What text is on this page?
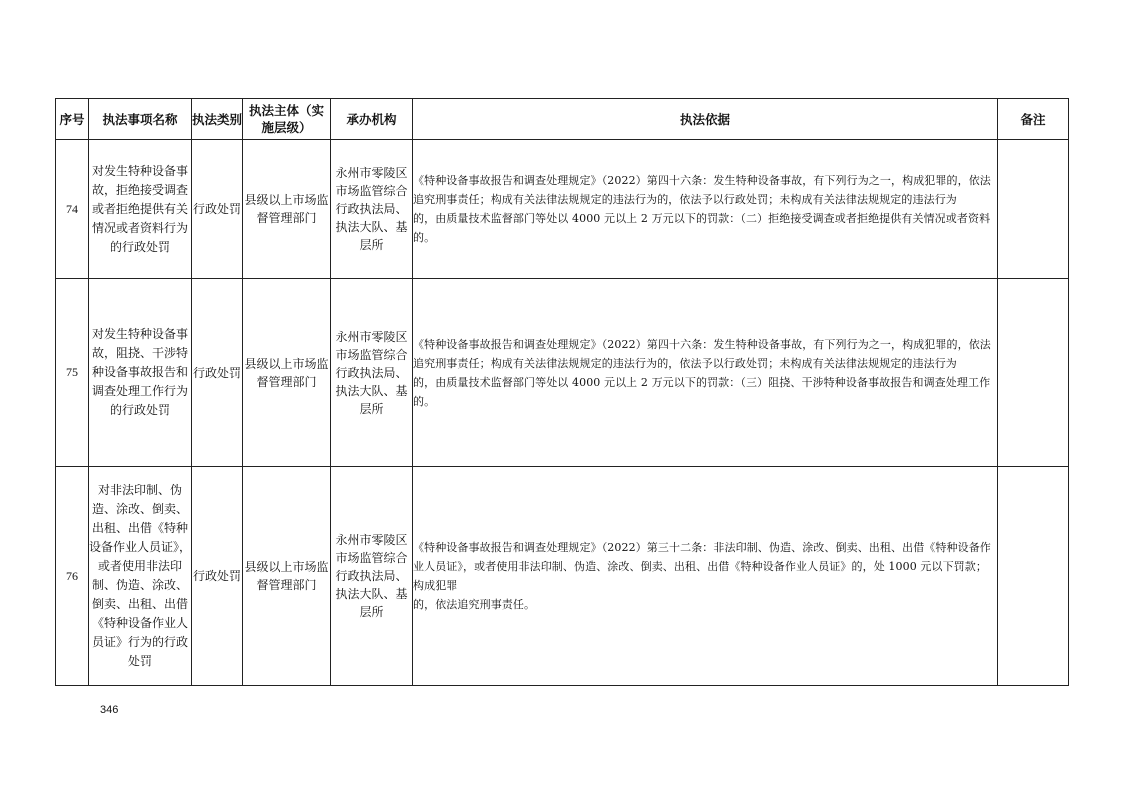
序号	执法事项名称	执法类别	执法主体（实施层级）	承办机构	执法依据	备注
74	对发生特种设备事故，拒绝接受调查或者拒绝提供有关情况或者资料行为的行政处罚	行政处罚	县级以上市场监督管理部门	永州市零陵区市场监管综合行政执法局、执法大队、基层所	《特种设备事故报告和调查处理规定》（2022）第四十六条：发生特种设备事故，有下列行为之一，构成犯罪的，依法追究刑事责任；构成有关法律法规规定的违法行为的，依法予以行政处罚；未构成有关法律法规规定的违法行为
的，由质量技术监督部门等处以 4000 元以上 2 万元以下的罚款：（二）拒绝接受调查或者拒绝提供有关情况或者资料的。	
75	对发生特种设备事故，阻挠、干涉特种设备事故报告和调查处理工作行为的行政处罚	行政处罚	县级以上市场监督管理部门	永州市零陵区市场监管综合行政执法局、执法大队、基层所	《特种设备事故报告和调查处理规定》（2022）第四十六条：发生特种设备事故，有下列行为之一，构成犯罪的，依法追究刑事责任；构成有关法律法规规定的违法行为的，依法予以行政处罚；未构成有关法律法规规定的违法行为
的，由质量技术监督部门等处以 4000 元以上 2 万元以下的罚款：（三）阻挠、干涉特种设备事故报告和调查处理工作的。	
76	对非法印制、伪造、涂改、倒卖、出租、出借《特种设备作业人员证》，或者使用非法印制、伪造、涂改、倒卖、出租、出借《特种设备作业人员证》行为的行政处罚	行政处罚	县级以上市场监督管理部门	永州市零陵区市场监管综合行政执法局、执法大队、基层所	《特种设备事故报告和调查处理规定》（2022）第三十二条：非法印制、伪造、涂改、倒卖、出租、出借《特种设备作业人员证》，或者使用非法印制、伪造、涂改、倒卖、出租、出借《特种设备作业人员证》的，处 1000 元以下罚款；构成犯罪
的，依法追究刑事责任。	
346
